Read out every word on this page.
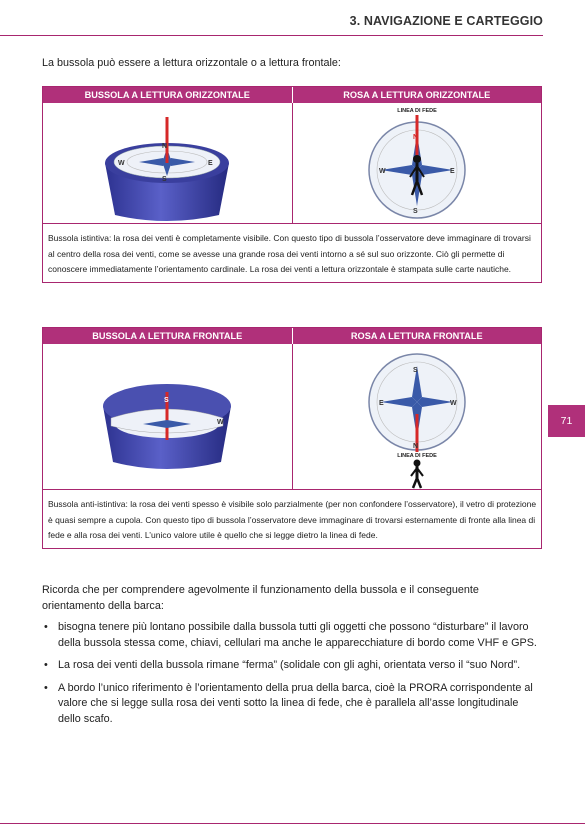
3. NAVIGAZIONE E CARTEGGIO
La bussola può essere a lettura orizzontale o a lettura frontale:
BUSSOLA A LETTURA ORIZZONTALE	ROSA A LETTURA ORIZZONTALE
N
S
W	E
LINEA DI FEDE
N
S
W	E
Bussola istintiva: la rosa dei venti è completamente visibile. Con questo tipo di bussola l’osservatore deve immaginare di trovarsi al centro della rosa dei venti, come se avesse una grande rosa dei venti intorno a sé sul suo orizzonte. Ciò gli permette di conoscere immediatamente l’orientamento cardinale. La rosa dei venti a lettura orizzontale è stampata sulle carte nautiche.
BUSSOLA A LETTURA FRONTALE	ROSA A LETTURA FRONTALE
S
W
S
N
E	W
LINEA DI FEDE
Bussola anti-istintiva: la rosa dei venti spesso è visibile solo parzialmente (per non confondere l’osservatore), il vetro di protezione è quasi sempre a cupola. Con questo tipo di bussola l’osservatore deve immaginare di trovarsi esternamente di fronte alla linea di fede e alla rosa dei venti. L’unico valore utile è quello che si legge dietro la linea di fede.
Ricorda che per comprendere agevolmente il funzionamento della bussola e il conseguente orientamento della barca:
• bisogna tenere più lontano possibile dalla bussola tutti gli oggetti che possono “disturbare” il lavoro della bussola stessa come, chiavi, cellulari ma anche le apparecchiature di bordo come VHF e GPS.
• La rosa dei venti della bussola rimane “ferma” (solidale con gli aghi, orientata verso il “suo Nord”.
• A bordo l’unico riferimento è l’orientamento della prua della barca, cioè la PRORA corrispondente al valore che si legge sulla rosa dei venti sotto la linea di fede, che è parallela all’asse longitudinale dello scafo.
71
